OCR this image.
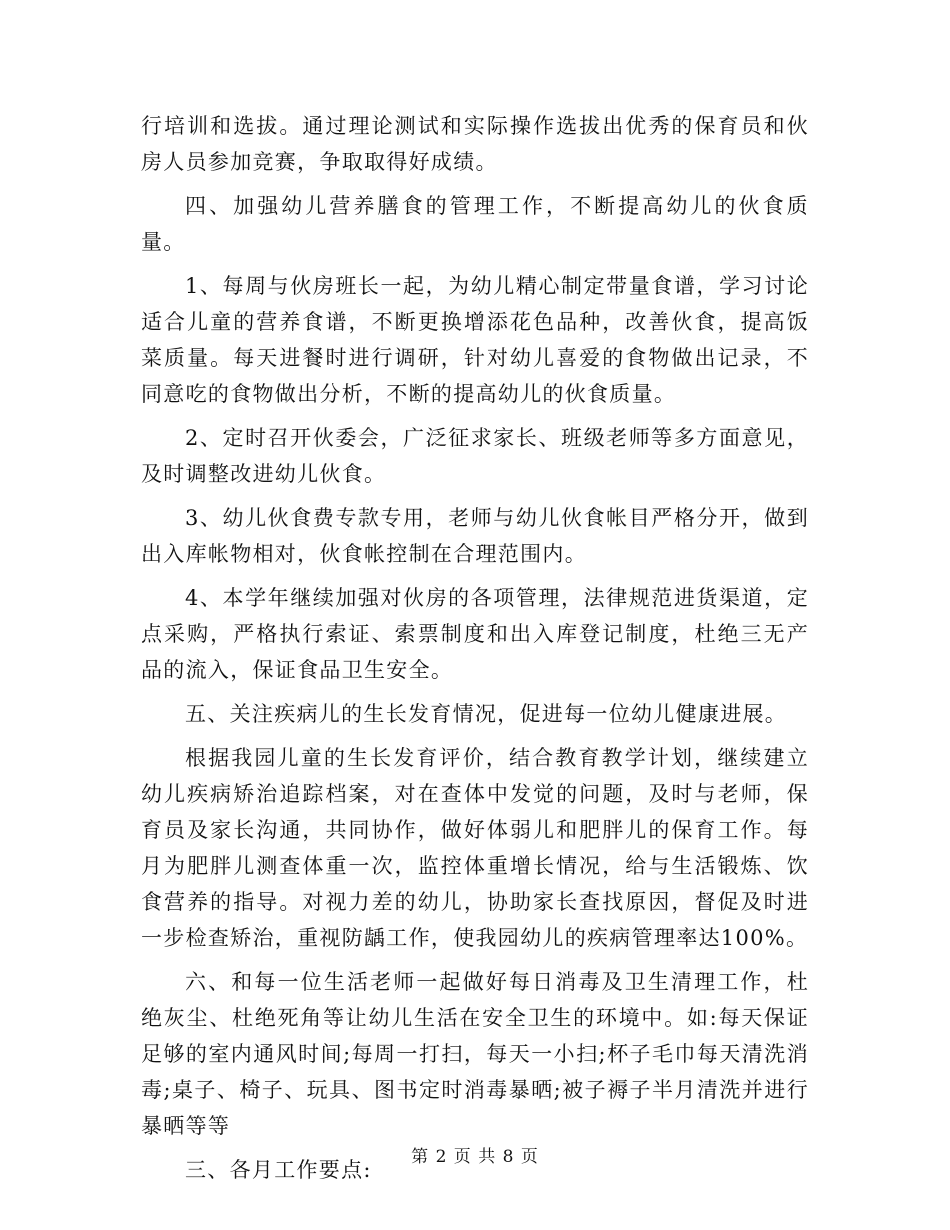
行培训和选拔。通过理论测试和实际操作选拔出优秀的保育员和伙房人员参加竞赛，争取取得好成绩。

四、加强幼儿营养膳食的管理工作，不断提高幼儿的伙食质量。

1、每周与伙房班长一起，为幼儿精心制定带量食谱，学习讨论适合儿童的营养食谱，不断更换增添花色品种，改善伙食，提高饭菜质量。每天进餐时进行调研，针对幼儿喜爱的食物做出记录，不同意吃的食物做出分析，不断的提高幼儿的伙食质量。

2、定时召开伙委会，广泛征求家长、班级老师等多方面意见，及时调整改进幼儿伙食。

3、幼儿伙食费专款专用，老师与幼儿伙食帐目严格分开，做到出入库帐物相对，伙食帐控制在合理范围内。

4、本学年继续加强对伙房的各项管理，法律规范进货渠道，定点采购，严格执行索证、索票制度和出入库登记制度，杜绝三无产品的流入，保证食品卫生安全。

五、关注疾病儿的生长发育情况，促进每一位幼儿健康进展。

根据我园儿童的生长发育评价，结合教育教学计划，继续建立幼儿疾病矫治追踪档案，对在查体中发觉的问题，及时与老师，保育员及家长沟通，共同协作，做好体弱儿和肥胖儿的保育工作。每月为肥胖儿测查体重一次，监控体重增长情况，给与生活锻炼、饮食营养的指导。对视力差的幼儿，协助家长查找原因，督促及时进一步检查矫治，重视防龋工作，使我园幼儿的疾病管理率达100%。

六、和每一位生活老师一起做好每日消毒及卫生清理工作，杜绝灰尘、杜绝死角等让幼儿生活在安全卫生的环境中。如:每天保证足够的室内通风时间;每周一打扫，每天一小扫;杯子毛巾每天清洗消毒;桌子、椅子、玩具、图书定时消毒暴晒;被子褥子半月清洗并进行暴晒等等

三、各月工作要点:

第 2 页 共 8 页
